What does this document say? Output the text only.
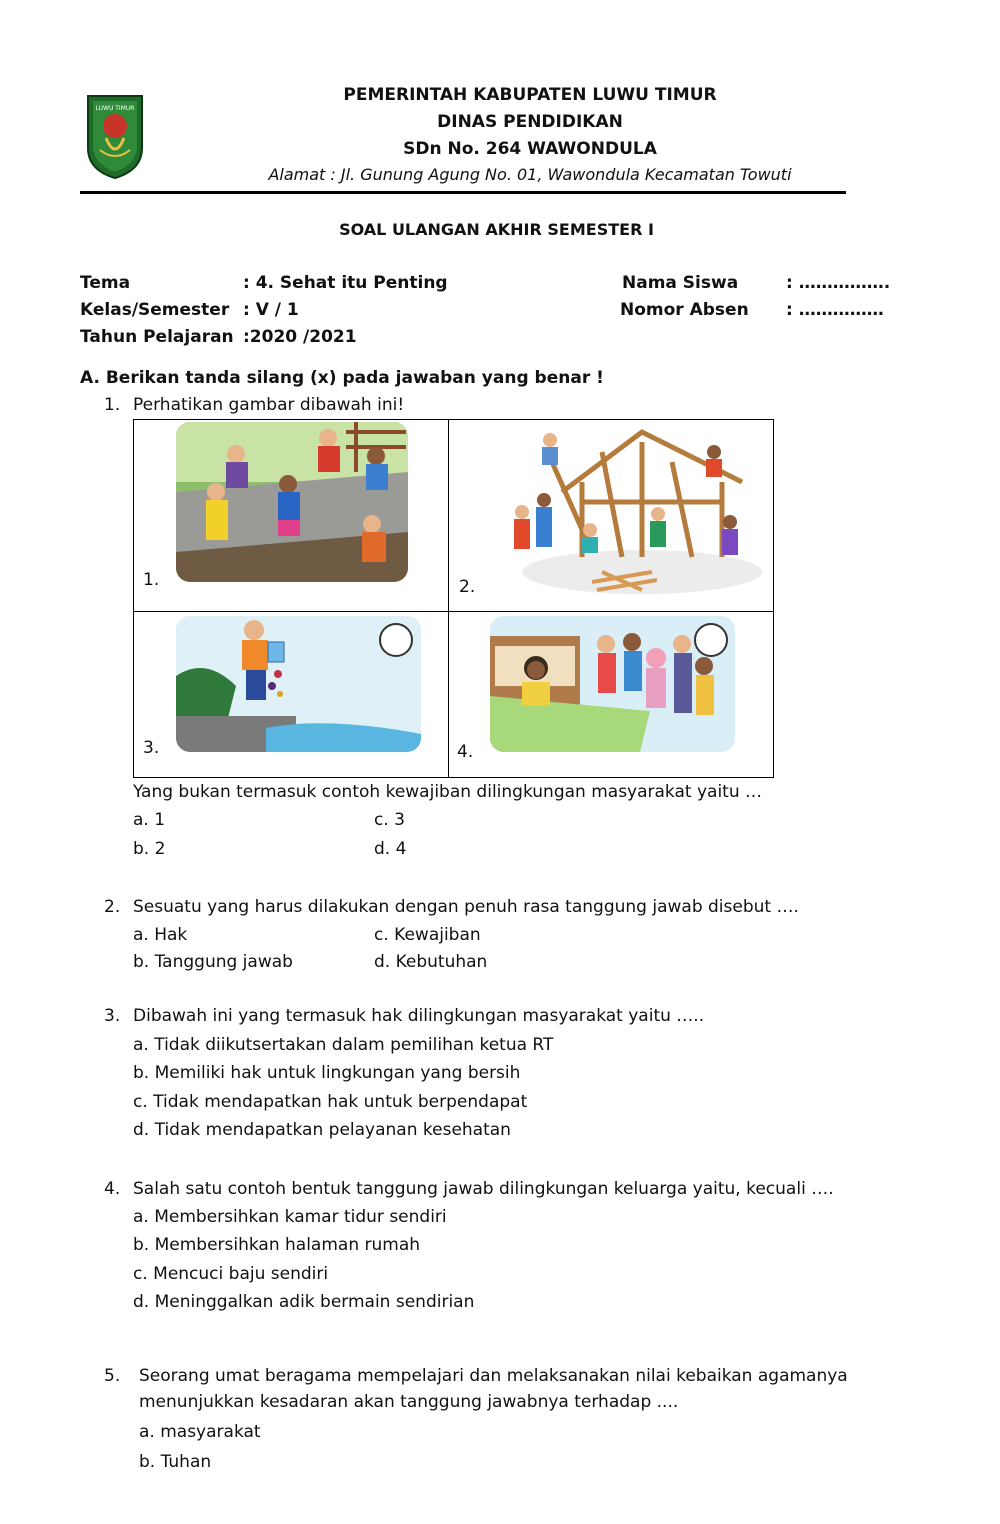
LUWU TIMUR
PEMERINTAH KABUPATEN LUWU TIMUR
DINAS PENDIDIKAN
SDn No. 264 WAWONDULA
Alamat : Jl. Gunung Agung No. 01, Wawondula Kecamatan Towuti
SOAL ULANGAN AKHIR SEMESTER I
Tema	: 4. Sehat itu Penting
Kelas/Semester : V / 1
Tahun Pelajaran :2020 /2021
Nama Siswa	: …………….
Nomor Absen : ……………
A. Berikan tanda silang (x) pada jawaban yang benar !
1. Perhatikan gambar dibawah ini!
1.	2.
3.	4.
Yang bukan termasuk contoh kewajiban dilingkungan masyarakat yaitu …
a. 1	c. 3
b. 2	d. 4
2. Sesuatu yang harus dilakukan dengan penuh rasa tanggung jawab disebut ….
a. Hak	c. Kewajiban
b. Tanggung jawab	d. Kebutuhan
3. Dibawah ini yang termasuk hak dilingkungan masyarakat yaitu …..
a. Tidak diikutsertakan dalam pemilihan ketua RT
b. Memiliki hak untuk lingkungan yang bersih
c. Tidak mendapatkan hak untuk berpendapat
d. Tidak mendapatkan pelayanan kesehatan
4. Salah satu contoh bentuk tanggung jawab dilingkungan keluarga yaitu, kecuali ….
a. Membersihkan kamar tidur sendiri
b. Membersihkan halaman rumah
c. Mencuci baju sendiri
d. Meninggalkan adik bermain sendirian
5. Seorang umat beragama mempelajari dan melaksanakan nilai kebaikan agamanya
menunjukkan kesadaran akan tanggung jawabnya terhadap ....
a. masyarakat
b. Tuhan
